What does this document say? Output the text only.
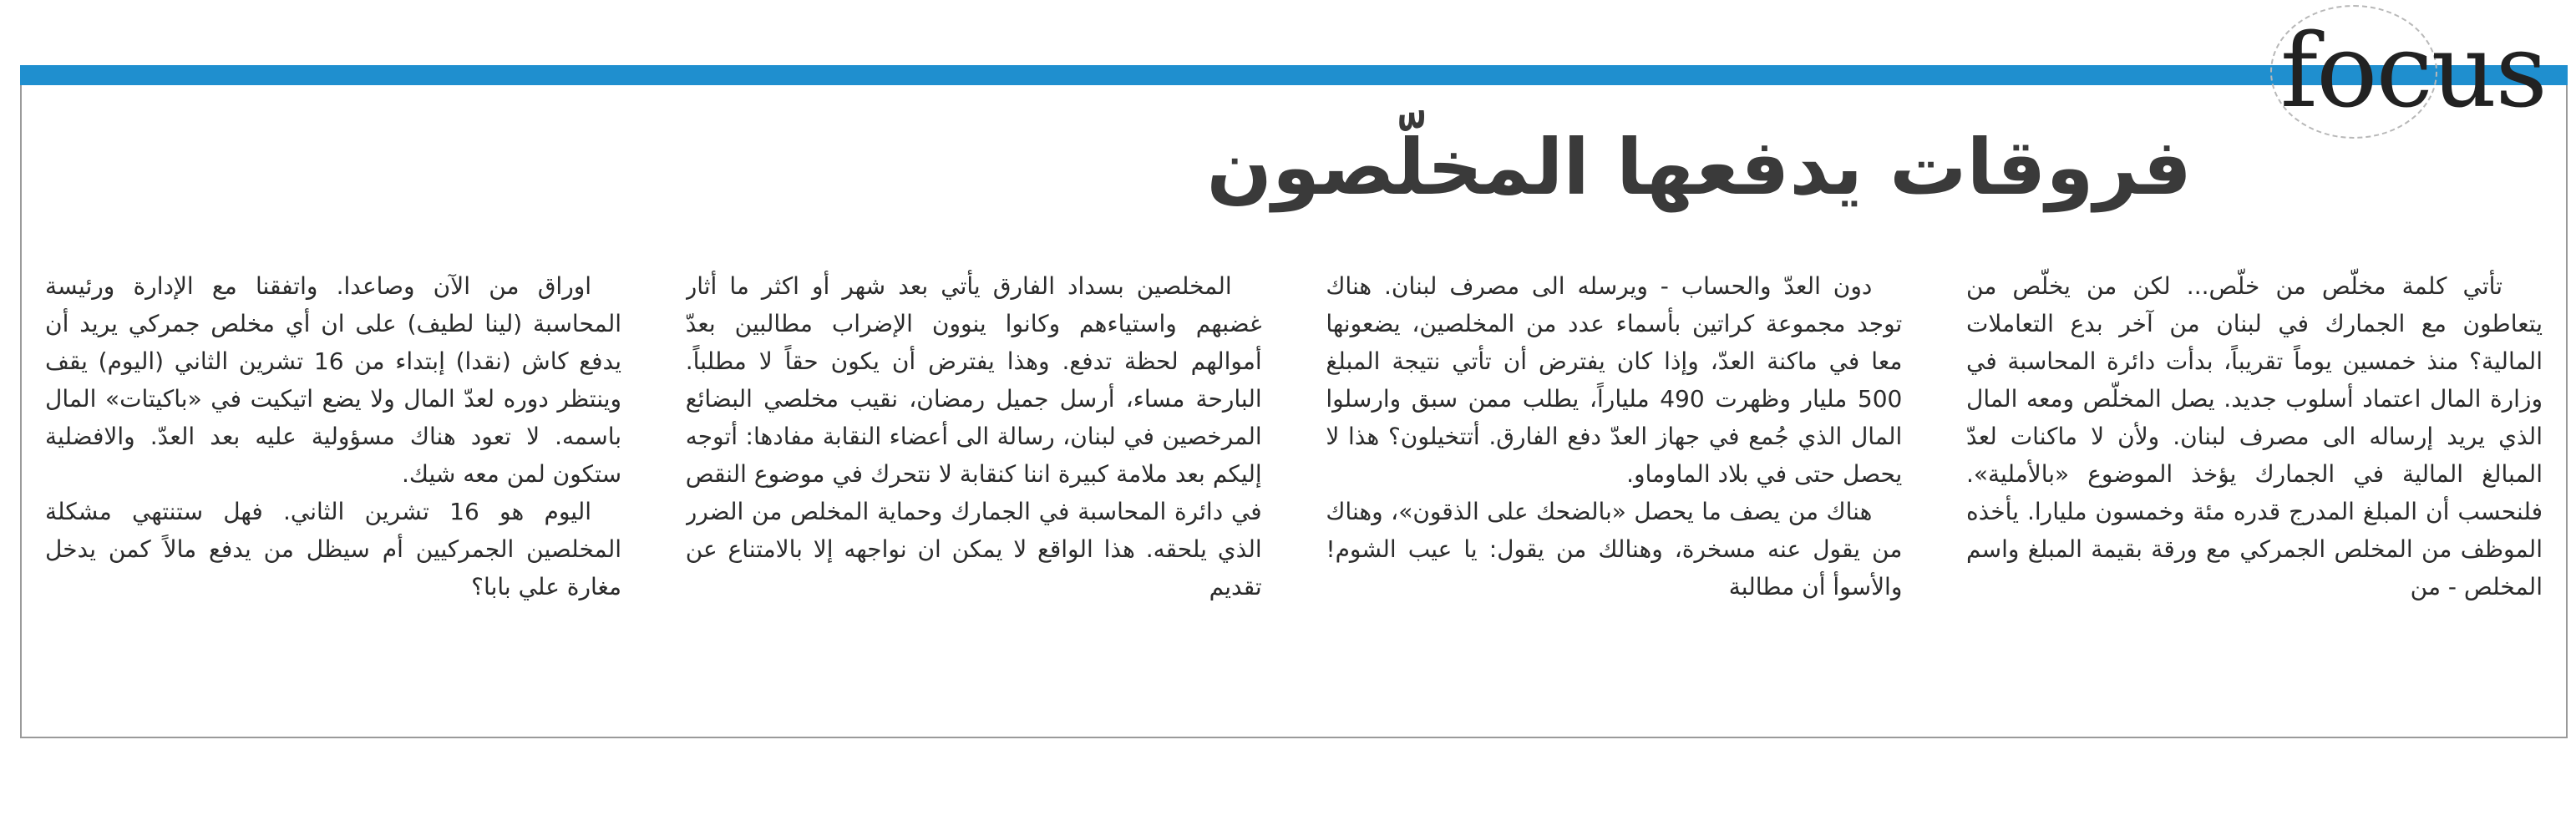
focus
فروقات يدفعها المخلّصون

تأتي كلمة مخلّص من خلّص... لكن من يخلّص من يتعاطون مع الجمارك في لبنان من آخر بدع التعاملات المالية؟ منذ خمسين يوماً تقريباً، بدأت دائرة المحاسبة في وزارة المال اعتماد أسلوب جديد. يصل المخلّص ومعه المال الذي يريد إرساله الى مصرف لبنان. ولأن لا ماكنات لعدّ المبالغ المالية في الجمارك يؤخذ الموضوع «بالأملية». فلنحسب أن المبلغ المدرج قدره مئة وخمسون مليارا. يأخذه الموظف من المخلص الجمركي مع ورقة بقيمة المبلغ واسم المخلص - من

دون العدّ والحساب - ويرسله الى مصرف لبنان. هناك توجد مجموعة كراتين بأسماء عدد من المخلصين، يضعونها معا في ماكنة العدّ، وإذا كان يفترض أن تأتي نتيجة المبلغ 500 مليار وظهرت 490 ملياراً، يطلب ممن سبق وارسلوا المال الذي جُمع في جهاز العدّ دفع الفارق. أتتخيلون؟ هذا لا يحصل حتى في بلاد الماوماو.

هناك من يصف ما يحصل «بالضحك على الذقون»، وهناك من يقول عنه مسخرة، وهنالك من يقول: يا عيب الشوم! والأسوأ أن مطالبة

المخلصين بسداد الفارق يأتي بعد شهر أو اكثر ما أثار غضبهم واستياءهم وكانوا ينوون الإضراب مطالبين بعدّ أموالهم لحظة تدفع. وهذا يفترض أن يكون حقاً لا مطلباً. البارحة مساء، أرسل جميل رمضان، نقيب مخلصي البضائع المرخصين في لبنان، رسالة الى أعضاء النقابة مفادها: أتوجه إليكم بعد ملامة كبيرة اننا كنقابة لا نتحرك في موضوع النقص في دائرة المحاسبة في الجمارك وحماية المخلص من الضرر الذي يلحقه. هذا الواقع لا يمكن ان نواجهه إلا بالامتناع عن تقديم

اوراق من الآن وصاعدا. واتفقنا مع الإدارة ورئيسة المحاسبة (لينا لطيف) على ان أي مخلص جمركي يريد أن يدفع كاش (نقدا) إبتداء من 16 تشرين الثاني (اليوم) يقف وينتظر دوره لعدّ المال ولا يضع اتيكيت في «باكيتات» المال باسمه. لا تعود هناك مسؤولية عليه بعد العدّ. والافضلية ستكون لمن معه شيك.

اليوم هو 16 تشرين الثاني. فهل ستنتهي مشكلة المخلصين الجمركيين أم سيظل من يدفع مالاً كمن يدخل مغارة علي بابا؟
